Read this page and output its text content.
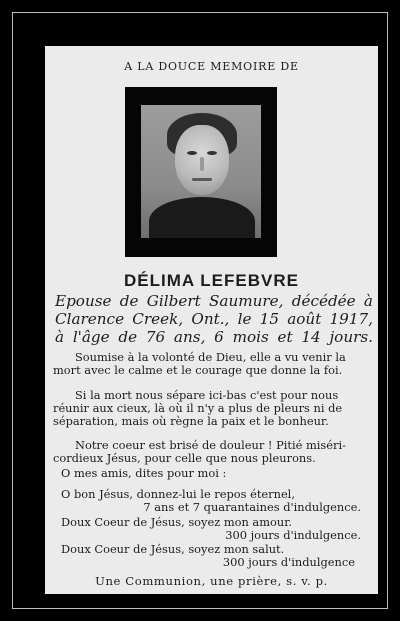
A LA DOUCE MEMOIRE DE
DÉLIMA LEFEBVRE
Epouse de Gilbert Saumure, décédée à
Clarence Creek, Ont., le 15 août 1917,
à l'âge de 76 ans, 6 mois et 14 jours.
Soumise à la volonté de Dieu, elle a vu venir la
mort avec le calme et le courage que donne la foi.
Si la mort nous sépare ici-bas c'est pour nous
réunir aux cieux, là où il n'y a plus de pleurs ni de
séparation, mais où règne la paix et le bonheur.
Notre coeur est brisé de douleur ! Pitié miséri-
cordieux Jésus, pour celle que nous pleurons.
O mes amis, dites pour moi :
O bon Jésus, donnez-lui le repos éternel,
7 ans et 7 quarantaines d'indulgence.
Doux Coeur de Jésus, soyez mon amour.
300 jours d'indulgence.
Doux Coeur de Jésus, soyez mon salut.
300 jours d'indulgence
Une Communion, une prière, s. v. p.
